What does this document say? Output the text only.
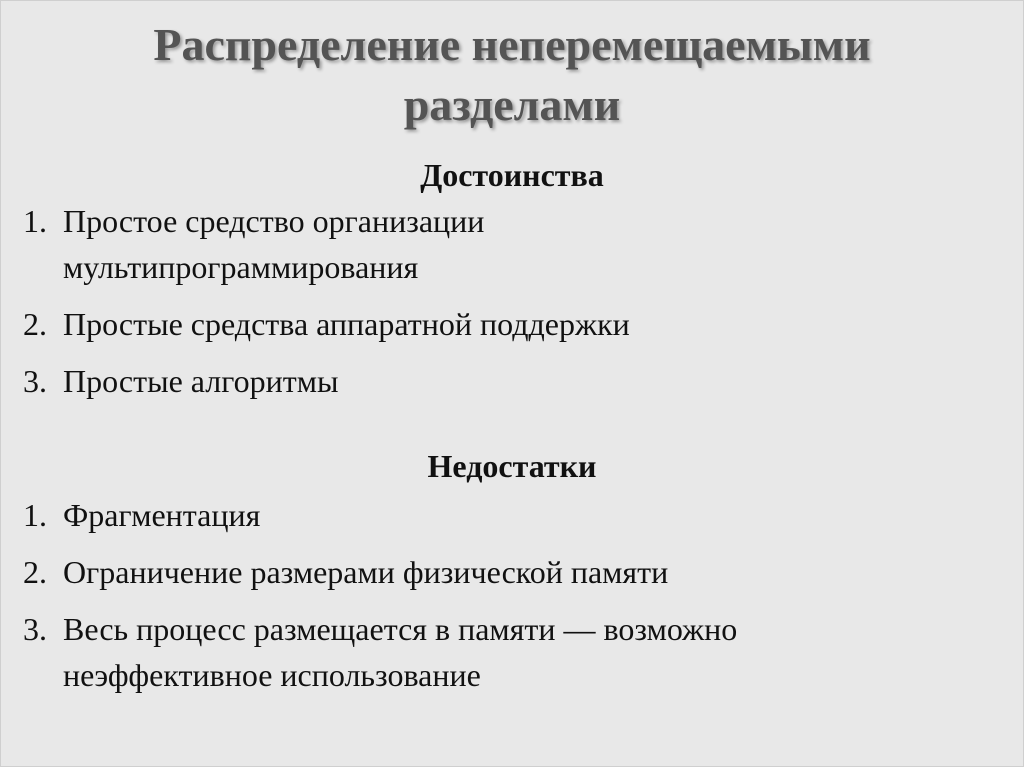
Распределение неперемещаемыми
разделами
Достоинства
1. Простое средство организации
мультипрограммирования
2. Простые средства аппаратной поддержки
3. Простые алгоритмы
Недостатки
1. Фрагментация
2. Ограничение размерами физической памяти
3. Весь процесс размещается в памяти — возможно
неэффективное использование
